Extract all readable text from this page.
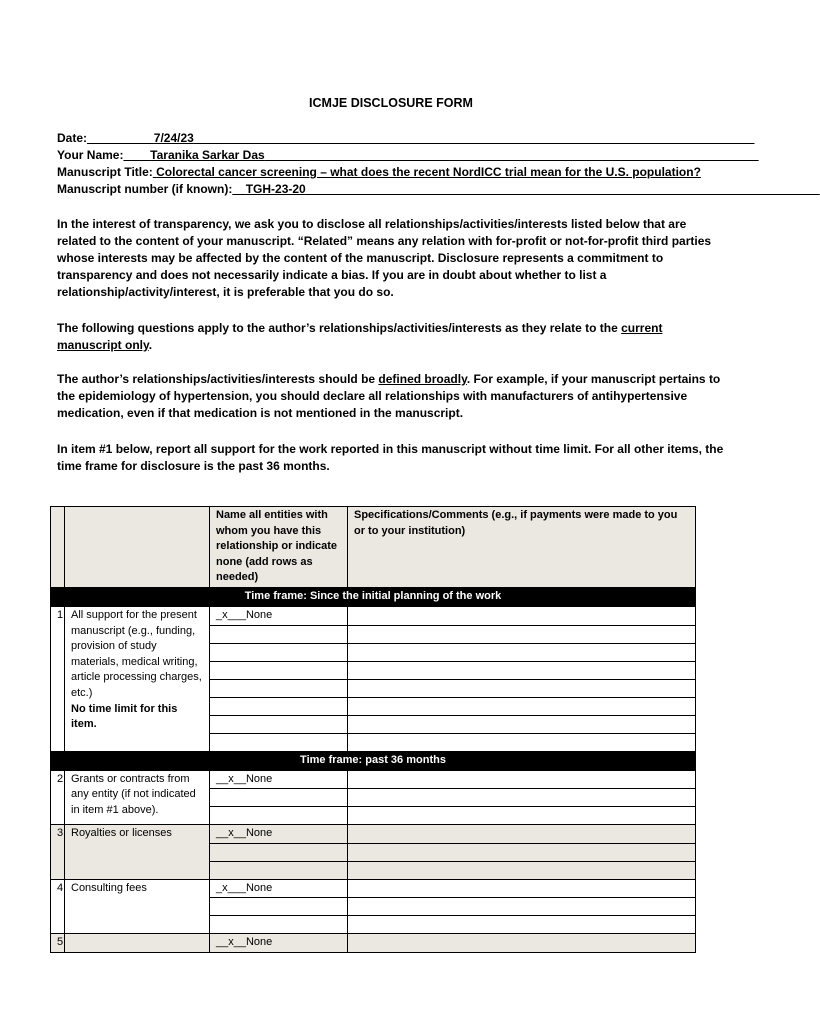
ICMJE DISCLOSURE FORM
Date:__________7/24/23____________________________________________________________________________________
Your Name:____Taranika Sarkar Das__________________________________________________________________________
Manuscript Title: Colorectal cancer screening – what does the recent NordICC trial mean for the U.S. population?
Manuscript number (if known):__TGH-23-20_____________________________________________________________________________
In the interest of transparency, we ask you to disclose all relationships/activities/interests listed below that are related to the content of your manuscript. “Related” means any relation with for-profit or not-for-profit third parties whose interests may be affected by the content of the manuscript. Disclosure represents a commitment to transparency and does not necessarily indicate a bias. If you are in doubt about whether to list a relationship/activity/interest, it is preferable that you do so.
The following questions apply to the author’s relationships/activities/interests as they relate to the current manuscript only.
The author’s relationships/activities/interests should be defined broadly. For example, if your manuscript pertains to the epidemiology of hypertension, you should declare all relationships with manufacturers of antihypertensive medication, even if that medication is not mentioned in the manuscript.
In item #1 below, report all support for the work reported in this manuscript without time limit. For all other items, the time frame for disclosure is the past 36 months.
		Name all entities with whom you have this relationship or indicate none (add rows as needed)	Specifications/Comments (e.g., if payments were made to you or to your institution)
Time frame: Since the initial planning of the work			
1	All support for the present manuscript (e.g., funding, provision of study materials, medical writing, article processing charges, etc.)
No time limit for this item.	_x___None	

Time frame: past 36 months			
2	Grants or contracts from any entity (if not indicated in item #1 above).	__x__None	

3	Royalties or licenses	__x__None	

4	Consulting fees	_x___None	

5		__x__None	
